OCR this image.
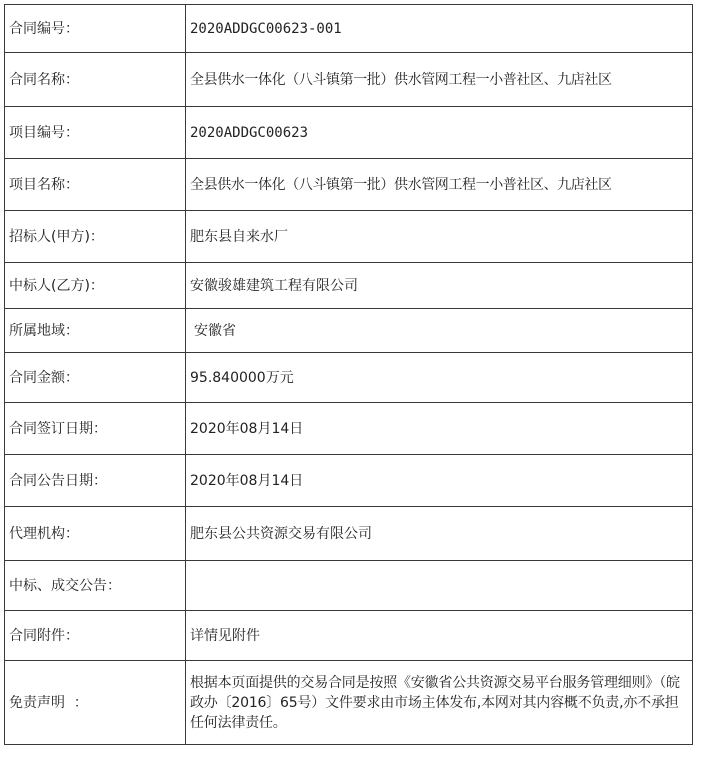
合同编号：	2020ADDGC00623-001
合同名称：	全县供水一体化（八斗镇第一批）供水管网工程一小普社区、九店社区
项目编号：	2020ADDGC00623
项目名称：	全县供水一体化（八斗镇第一批）供水管网工程一小普社区、九店社区
招标人(甲方)：	肥东县自来水厂
中标人(乙方)：	安徽骏雄建筑工程有限公司
所属地域：	安徽省
合同金额：	95.840000万元
合同签订日期：	2020年08月14日
合同公告日期：	2020年08月14日
代理机构：	肥东县公共资源交易有限公司
中标、成交公告：	
合同附件：	详情见附件
免责声明  ：	根据本页面提供的交易合同是按照《安徽省公共资源交易平台服务管理细则》（皖政办〔2016〕65号）文件要求由市场主体发布,本网对其内容概不负责,亦不承担任何法律责任。
